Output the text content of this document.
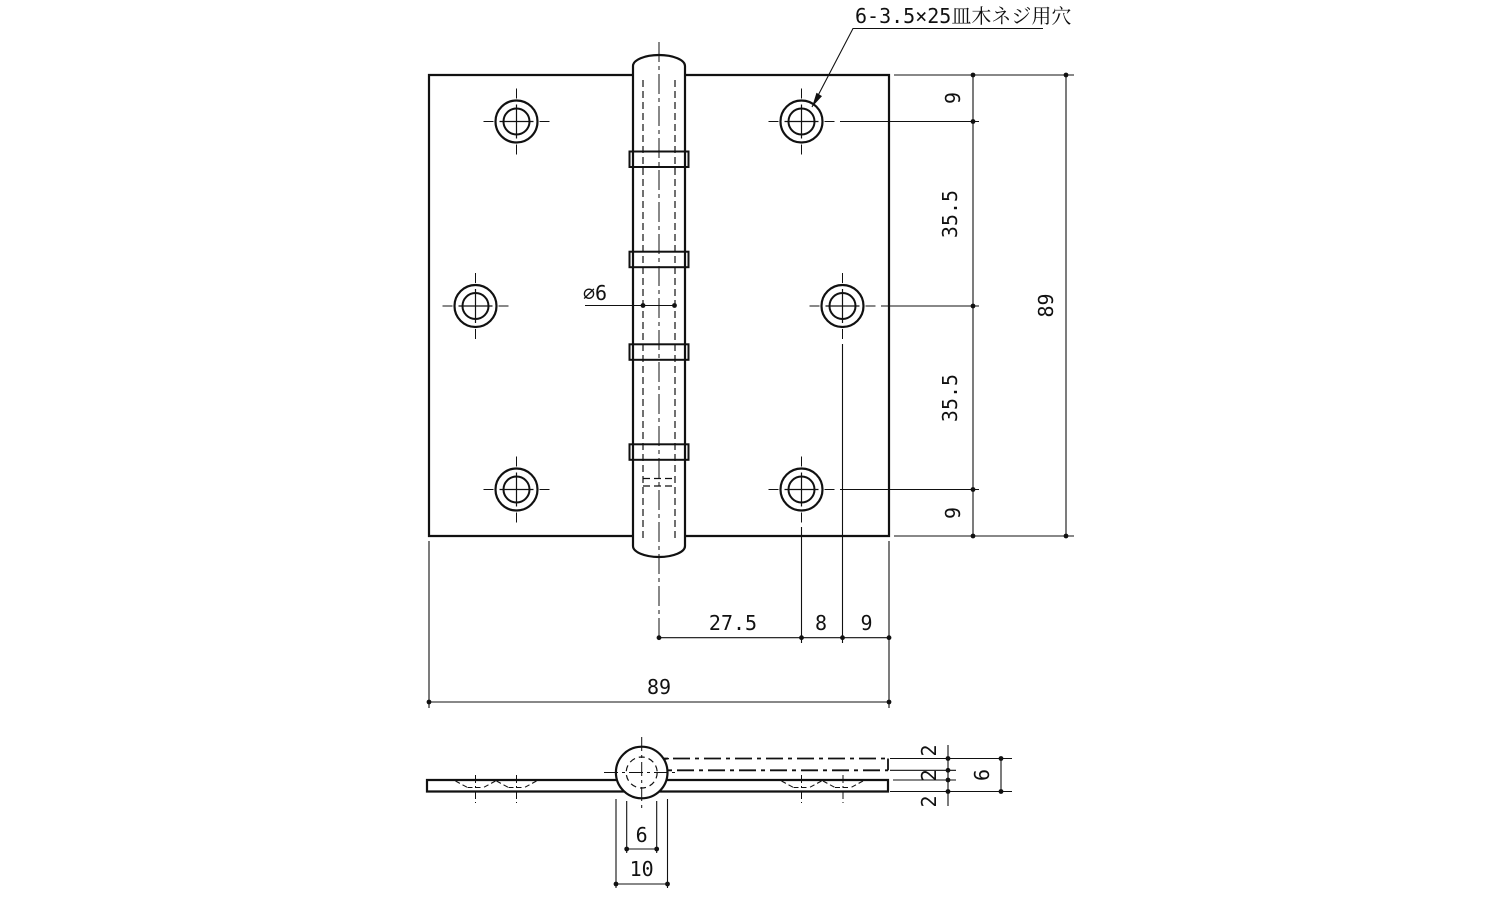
⌀6
6-3.5×25皿木ネジ用穴
9
35.5
35.5
9
89
27.5	8 9
89
2
2
2
6
6
10
